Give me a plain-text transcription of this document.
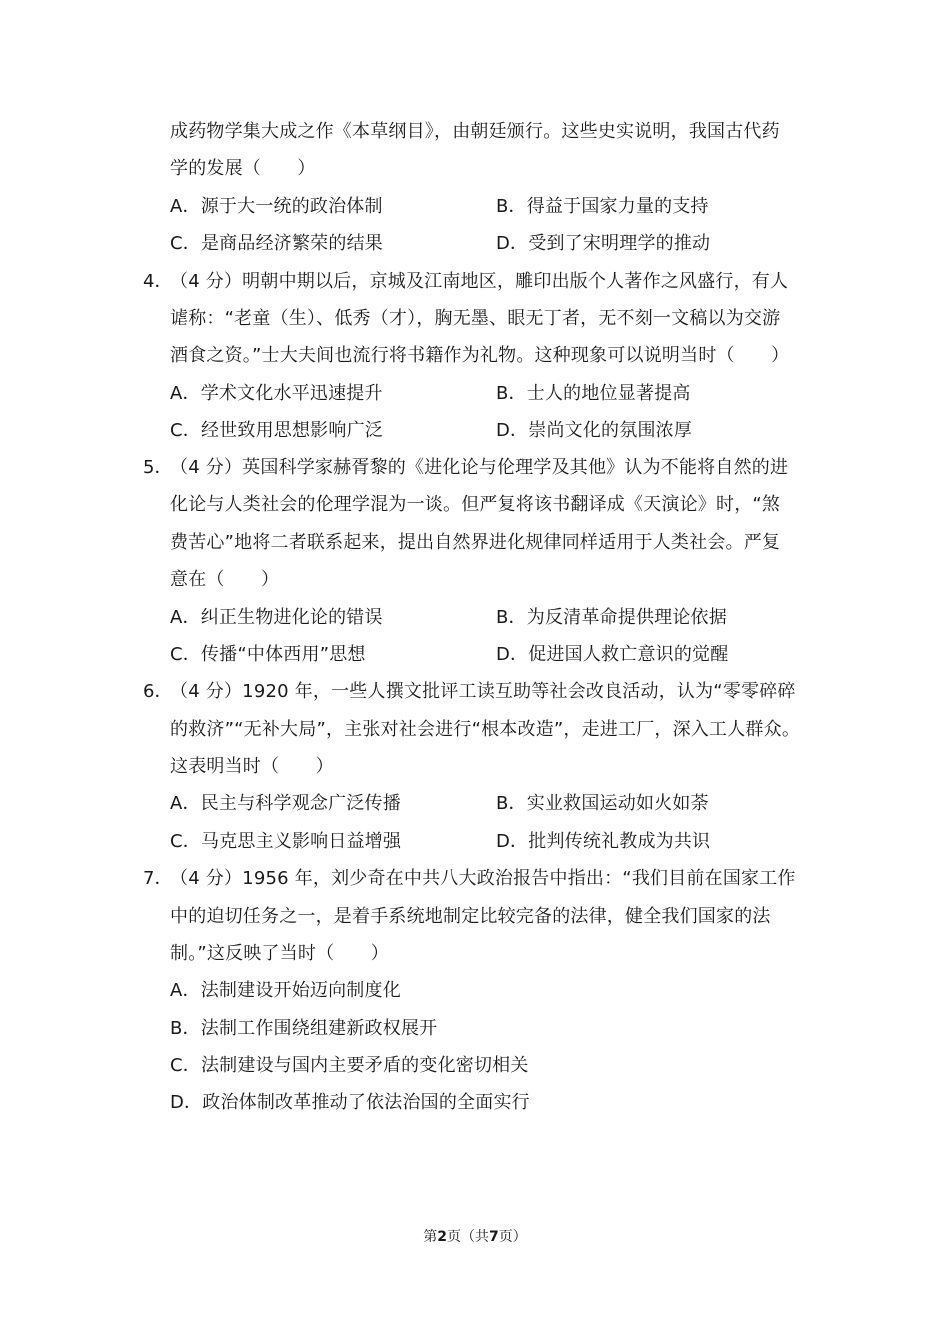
成药物学集大成之作《本草纲目》，由朝廷颁行。这些史实说明，我国古代药
学的发展（　　）
A．源于大一统的政治体制	B．得益于国家力量的支持
C．是商品经济繁荣的结果	D．受到了宋明理学的推动
4．
（4 分）明朝中期以后，京城及江南地区，雕印出版个人著作之风盛行，有人
谑称：“老童（生）、低秀（才），胸无墨、眼无丁者，无不刻一文稿以为交游
酒食之资。”士大夫间也流行将书籍作为礼物。这种现象可以说明当时（　　）
A．学术文化水平迅速提升	B．士人的地位显著提高
C．经世致用思想影响广泛	D．崇尚文化的氛围浓厚
5．
（4 分）英国科学家赫胥黎的《进化论与伦理学及其他》认为不能将自然的进
化论与人类社会的伦理学混为一谈。但严复将该书翻译成《天演论》时，“煞
费苦心”地将二者联系起来，提出自然界进化规律同样适用于人类社会。严复
意在（　　）
A．纠正生物进化论的错误	B．为反清革命提供理论依据
C．传播“中体西用”思想	D．促进国人救亡意识的觉醒
6．
（4 分）1920 年，一些人撰文批评工读互助等社会改良活动，认为“零零碎碎
的救济”“无补大局”，主张对社会进行“根本改造”，走进工厂，深入工人群众。
这表明当时（　　）
A．民主与科学观念广泛传播	B．实业救国运动如火如荼
C．马克思主义影响日益增强	D．批判传统礼教成为共识
7．
（4 分）1956 年，刘少奇在中共八大政治报告中指出：“我们目前在国家工作
中的迫切任务之一，是着手系统地制定比较完备的法律，健全我们国家的法
制。”这反映了当时（　　）
A．法制建设开始迈向制度化
B．法制工作围绕组建新政权展开
C．法制建设与国内主要矛盾的变化密切相关
D．政治体制改革推动了依法治国的全面实行
第2页（共7页）
